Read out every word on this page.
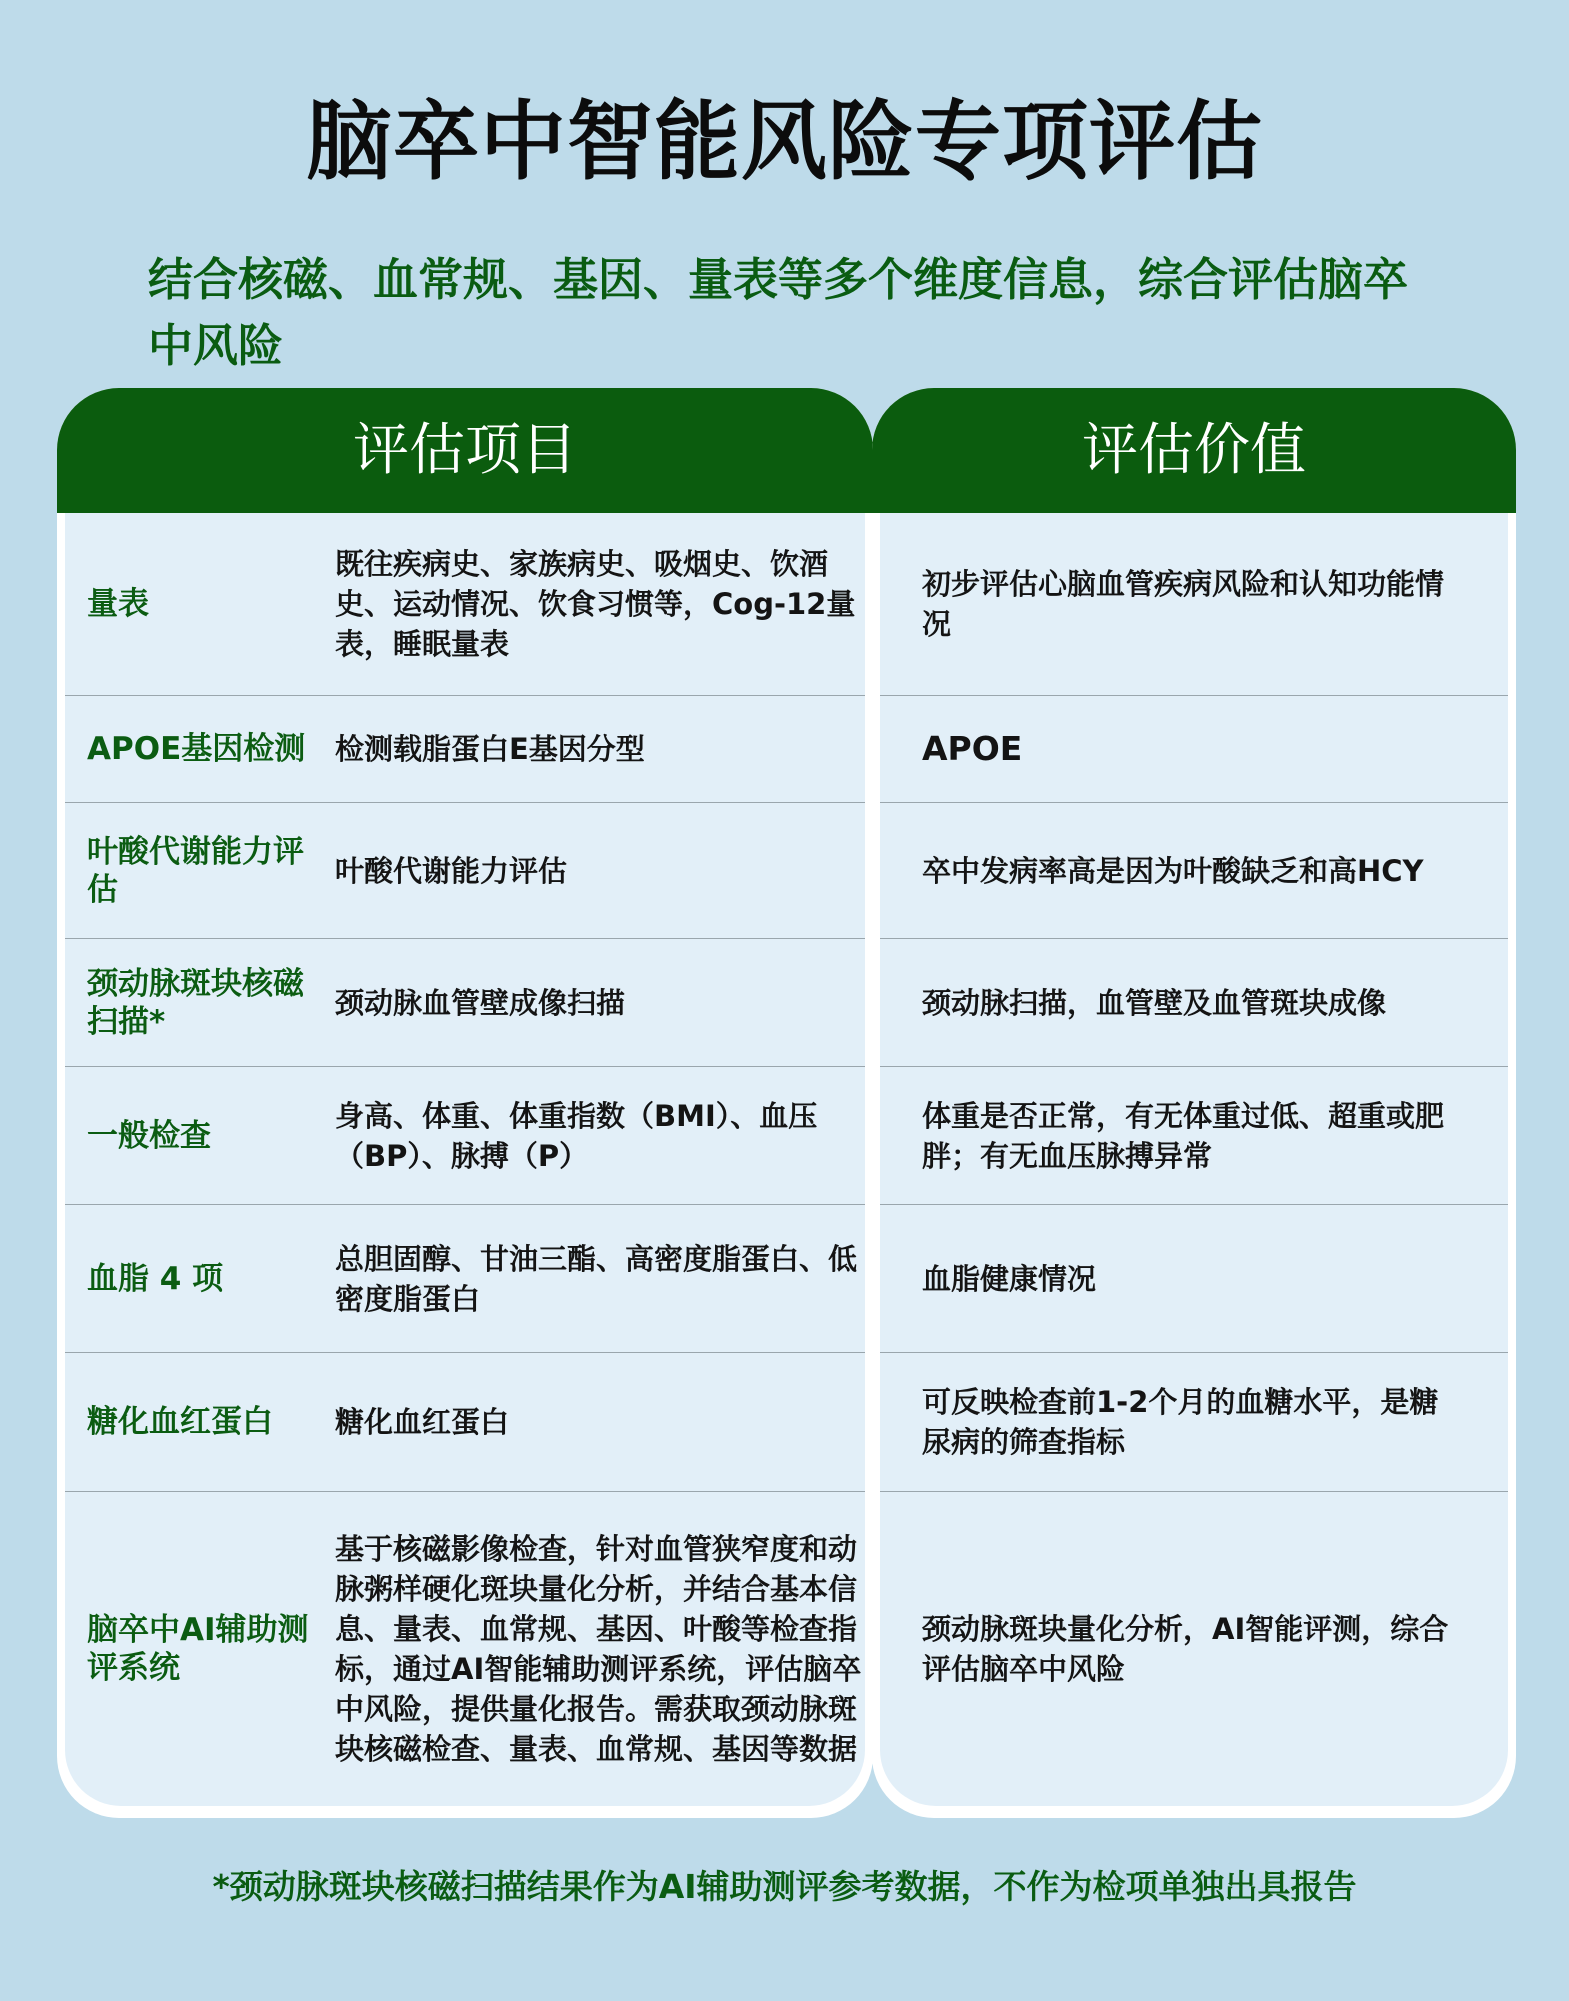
脑卒中智能风险专项评估
结合核磁、血常规、基因、量表等多个维度信息，综合评估脑卒中风险
评估项目
量表
既往疾病史、家族病史、吸烟史、饮酒史、运动情况、饮食习惯等，Cog-12量表，睡眠量表
APOE基因检测	检测载脂蛋白E基因分型
叶酸代谢能力评估
叶酸代谢能力评估
颈动脉斑块核磁扫描*
颈动脉血管壁成像扫描
一般检查
身高、体重、体重指数（BMI）、血压（BP）、脉搏（P）
血脂 4 项
总胆固醇、甘油三酯、高密度脂蛋白、低密度脂蛋白
糖化血红蛋白	糖化血红蛋白
脑卒中AI辅助测评系统
基于核磁影像检查，针对血管狭窄度和动脉粥样硬化斑块量化分析，并结合基本信息、量表、血常规、基因、叶酸等检查指标，通过AI智能辅助测评系统，评估脑卒中风险，提供量化报告。需获取颈动脉斑块核磁检查、量表、血常规、基因等数据
评估价值
初步评估心脑血管疾病风险和认知功能情况
APOE
卒中发病率高是因为叶酸缺乏和高HCY
颈动脉扫描，血管壁及血管斑块成像
体重是否正常，有无体重过低、超重或肥胖；有无血压脉搏异常
血脂健康情况
可反映检查前1-2个月的血糖水平，是糖尿病的筛查指标
颈动脉斑块量化分析，AI智能评测，综合评估脑卒中风险
*颈动脉斑块核磁扫描结果作为AI辅助测评参考数据，不作为检项单独出具报告
